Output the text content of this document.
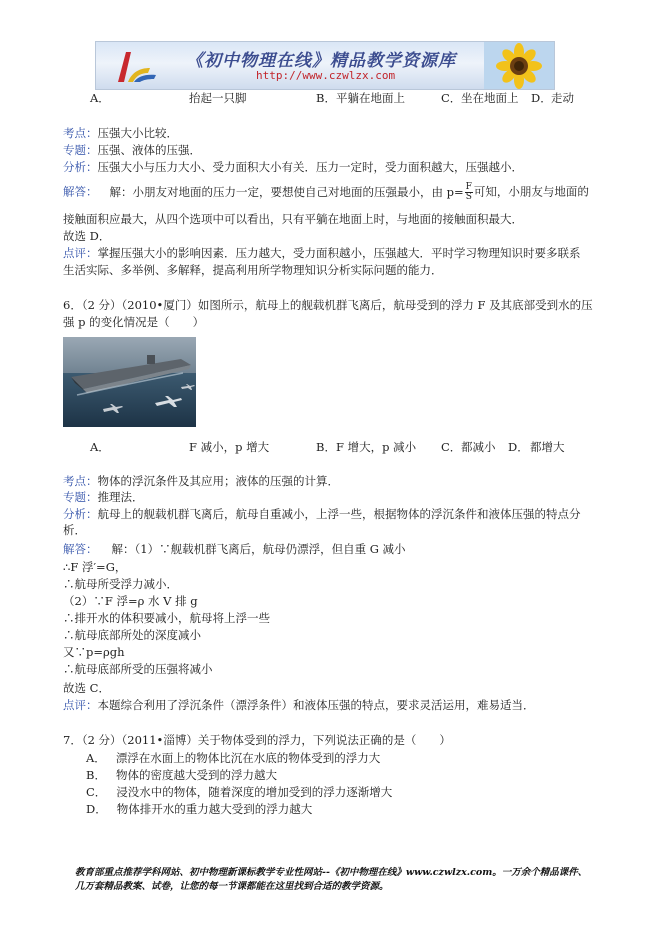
《初中物理在线》精品教学资源库
http://www.czwlzx.com
A．	抬起一只脚	B． 平躺在地面上	C． 坐在地面上 D． 走动
考点：压强大小比较．
专题：压强、液体的压强．
分析：压强大小与压力大小、受力面积大小有关．压力一定时，受力面积越大，压强越小．
解答： 解：小朋友对地面的压力一定，要想使自己对地面的压强最小，由 $p= \frac{F}{S}$ 可知，小朋友与地面的
接触面积应最大，从四个选项中可以看出，只有平躺在地面上时，与地面的接触面积最大．
故选 D．
点评：掌握压强大小的影响因素．压力越大，受力面积越小，压强越大．平时学习物理知识时要多联系
生活实际、多举例、多解释，提高利用所学物理知识分析实际问题的能力．
6．（2 分）（2010•厦门）如图所示，航母上的舰载机群飞离后，航母受到的浮力 F 及其底部受到水的压
强 p 的变化情况是（　　）
A．	F 减小，p 增大	B． F 增大，p 减小 C． 都减小 D． 都增大
考点：物体的浮沉条件及其应用；液体的压强的计算．
专题：推理法．
分析：航母上的舰载机群飞离后，航母自重减小，上浮一些，根据物体的浮沉条件和液体压强的特点分
析．
解答： 解：（1）∵舰载机群飞离后，航母仍漂浮，但自重 G 减小
∴F 浮′=G，
∴航母所受浮力减小．
（2）∵F 浮=ρ 水 V 排 g
∴排开水的体积要减小，航母将上浮一些
∴航母底部所处的深度减小
又∵p=ρgh
∴航母底部所受的压强将减小
故选 C．
点评：本题综合利用了浮沉条件（漂浮条件）和液体压强的特点，要求灵活运用，难易适当．
7．（2 分）（2011•淄博）关于物体受到的浮力，下列说法正确的是（　　）
A． 漂浮在水面上的物体比沉在水底的物体受到的浮力大
B． 物体的密度越大受到的浮力越大
C． 浸没水中的物体，随着深度的增加受到的浮力逐渐增大
D． 物体排开水的重力越大受到的浮力越大
教育部重点推荐学科网站、初中物理新课标教学专业性网站--《初中物理在线》www.czwlzx.com。一万余个精品课件、几万套精品教案、试卷，让您的每一节课都能在这里找到合适的教学资源。
